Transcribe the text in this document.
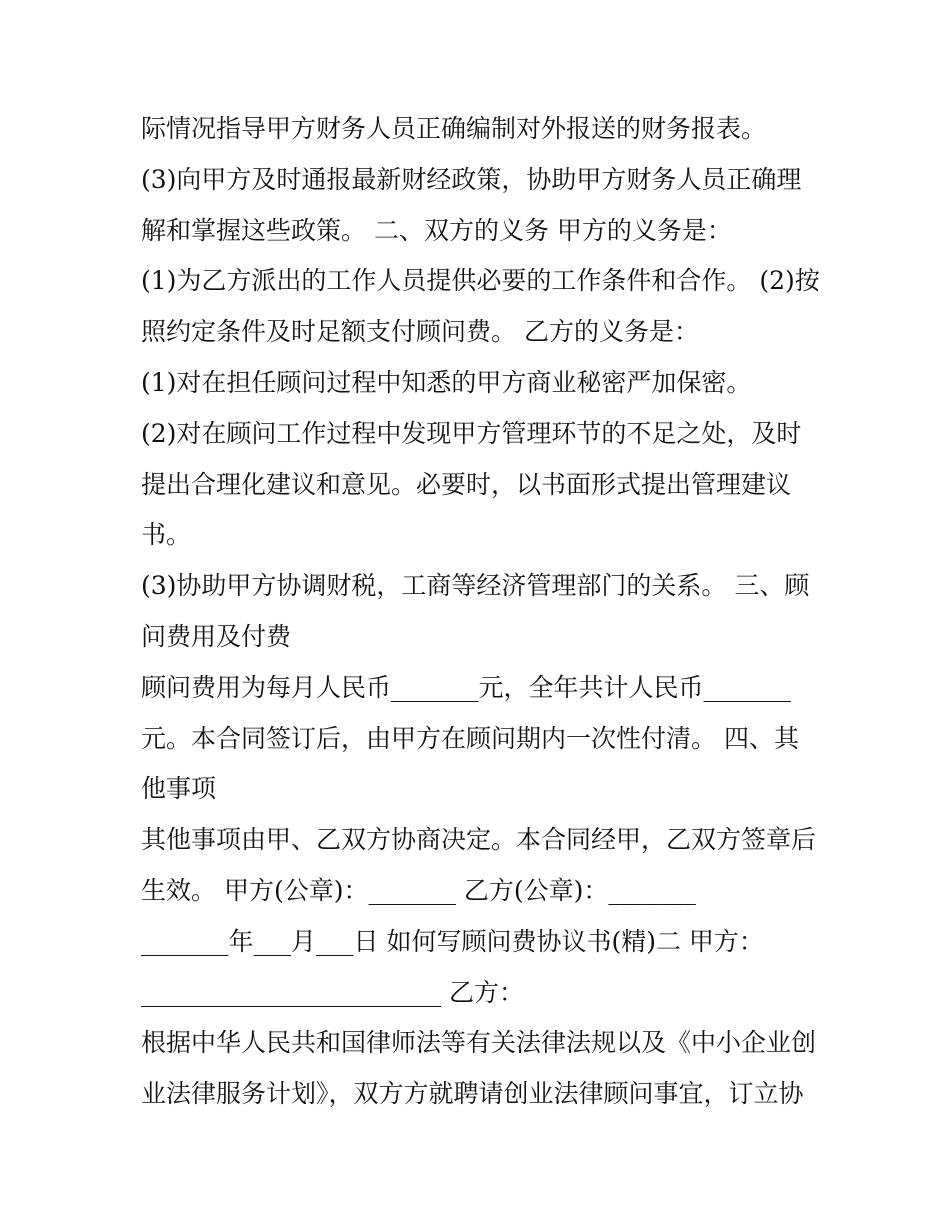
际情况指导甲方财务人员正确编制对外报送的财务报表。
(3)向甲方及时通报最新财经政策，协助甲方财务人员正确理
解和掌握这些政策。 二、双方的义务 甲方的义务是：
(1)为乙方派出的工作人员提供必要的工作条件和合作。 (2)按
照约定条件及时足额支付顾问费。 乙方的义务是：
(1)对在担任顾问过程中知悉的甲方商业秘密严加保密。
(2)对在顾问工作过程中发现甲方管理环节的不足之处，及时
提出合理化建议和意见。必要时，以书面形式提出管理建议
书。
(3)协助甲方协调财税，工商等经济管理部门的关系。 三、顾
问费用及付费
顾问费用为每月人民币_______元，全年共计人民币_______
元。本合同签订后，由甲方在顾问期内一次性付清。 四、其
他事项
其他事项由甲、乙双方协商决定。本合同经甲，乙双方签章后
生效。 甲方(公章)：_______ 乙方(公章)：_______
_______年___月___日 如何写顾问费协议书(精)二 甲方：
________________________ 乙方：
根据中华人民共和国律师法等有关法律法规以及《中小企业创
业法律服务计划》，双方方就聘请创业法律顾问事宜，订立协
